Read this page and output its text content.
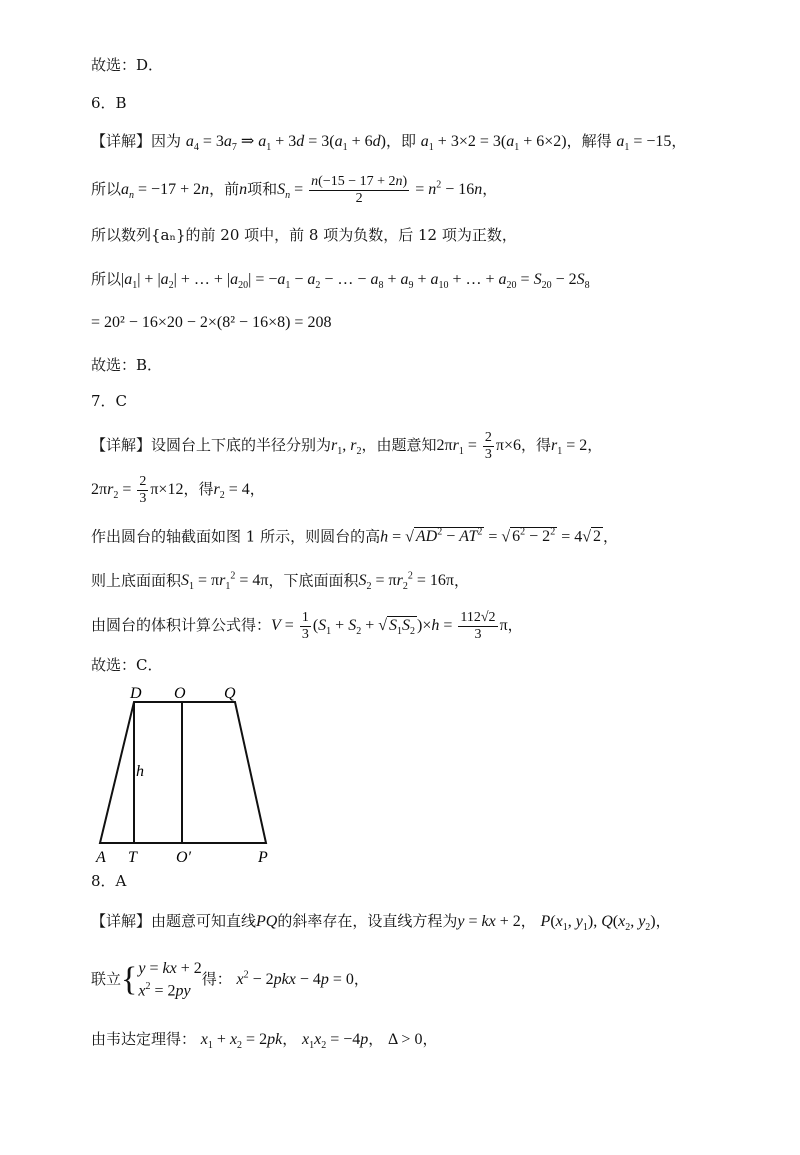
故选：D．
6．B
【详解】因为 $a_4 = 3a_7$ ⇒ $a_1 + 3d = 3(a_1 + 6d)$，即 $a_1 + 3\times 2 = 3(a_1 + 6\times 2)$，解得 $a_1 = -15$，
所以$a_n = -17 + 2n$，前n项和$S_n = \frac{n(-15 - 17 + 2n)}{2} = n^2 - 16n$，
所以数列{aₙ}的前 20 项中，前 8 项为负数，后 12 项为正数，
所以$|a_1| + |a_2|$ + … + $|a_{20}| = -a_1 - a_2$ − … − $a_8 + a_9 + a_{10}$ + … + $a_{20} = S_{20} - 2S_8$
= 20² − 16×20 − 2×(8² − 16×8) = 208
故选：B．
7．C
【详解】设圆台上下底的半径分别为$r_1$, $r_2$，由题意知$2\pi r_1 = \frac{2}{3} \pi\times 6$，得$r_1 = 2$，
$2\pi r_2 = \frac{2}{3} \pi\times 12$，得$r_2 = 4$，
作出圆台的轴截面如图 1 所示，则圆台的高h = √ $AD^2 - AT^2$ = √ $6^2 - 2^2 = 4√$ 2 ，
则上底面面积$S_1 = \pi r_1^2 = 4\pi$，下底面面积$S_2 = \pi r_2^2 = 16\pi$，
由圆台的体积计算公式得：$V = \frac{1}{3} (S_1 + S_2$ + √ $S_1S_2$ )$\times h = \frac{112√2}{3}$ π，
故选：C．
D O Q
h
A T O′	P
8．A
【详解】由题意可知直线PQ的斜率存在，设直线方程为y = kx + 2， $P(x_1$, $y_1$), $Q(x_2$, $y_2$)，
联立{ y = kx + 2
$x^2 = 2py$
得： $x^2 - 2pkx - 4p = 0$，
由韦达定理得： $x_1 + x_2 = 2pk$， $x_1x_2 = -4p$， Δ > 0，
